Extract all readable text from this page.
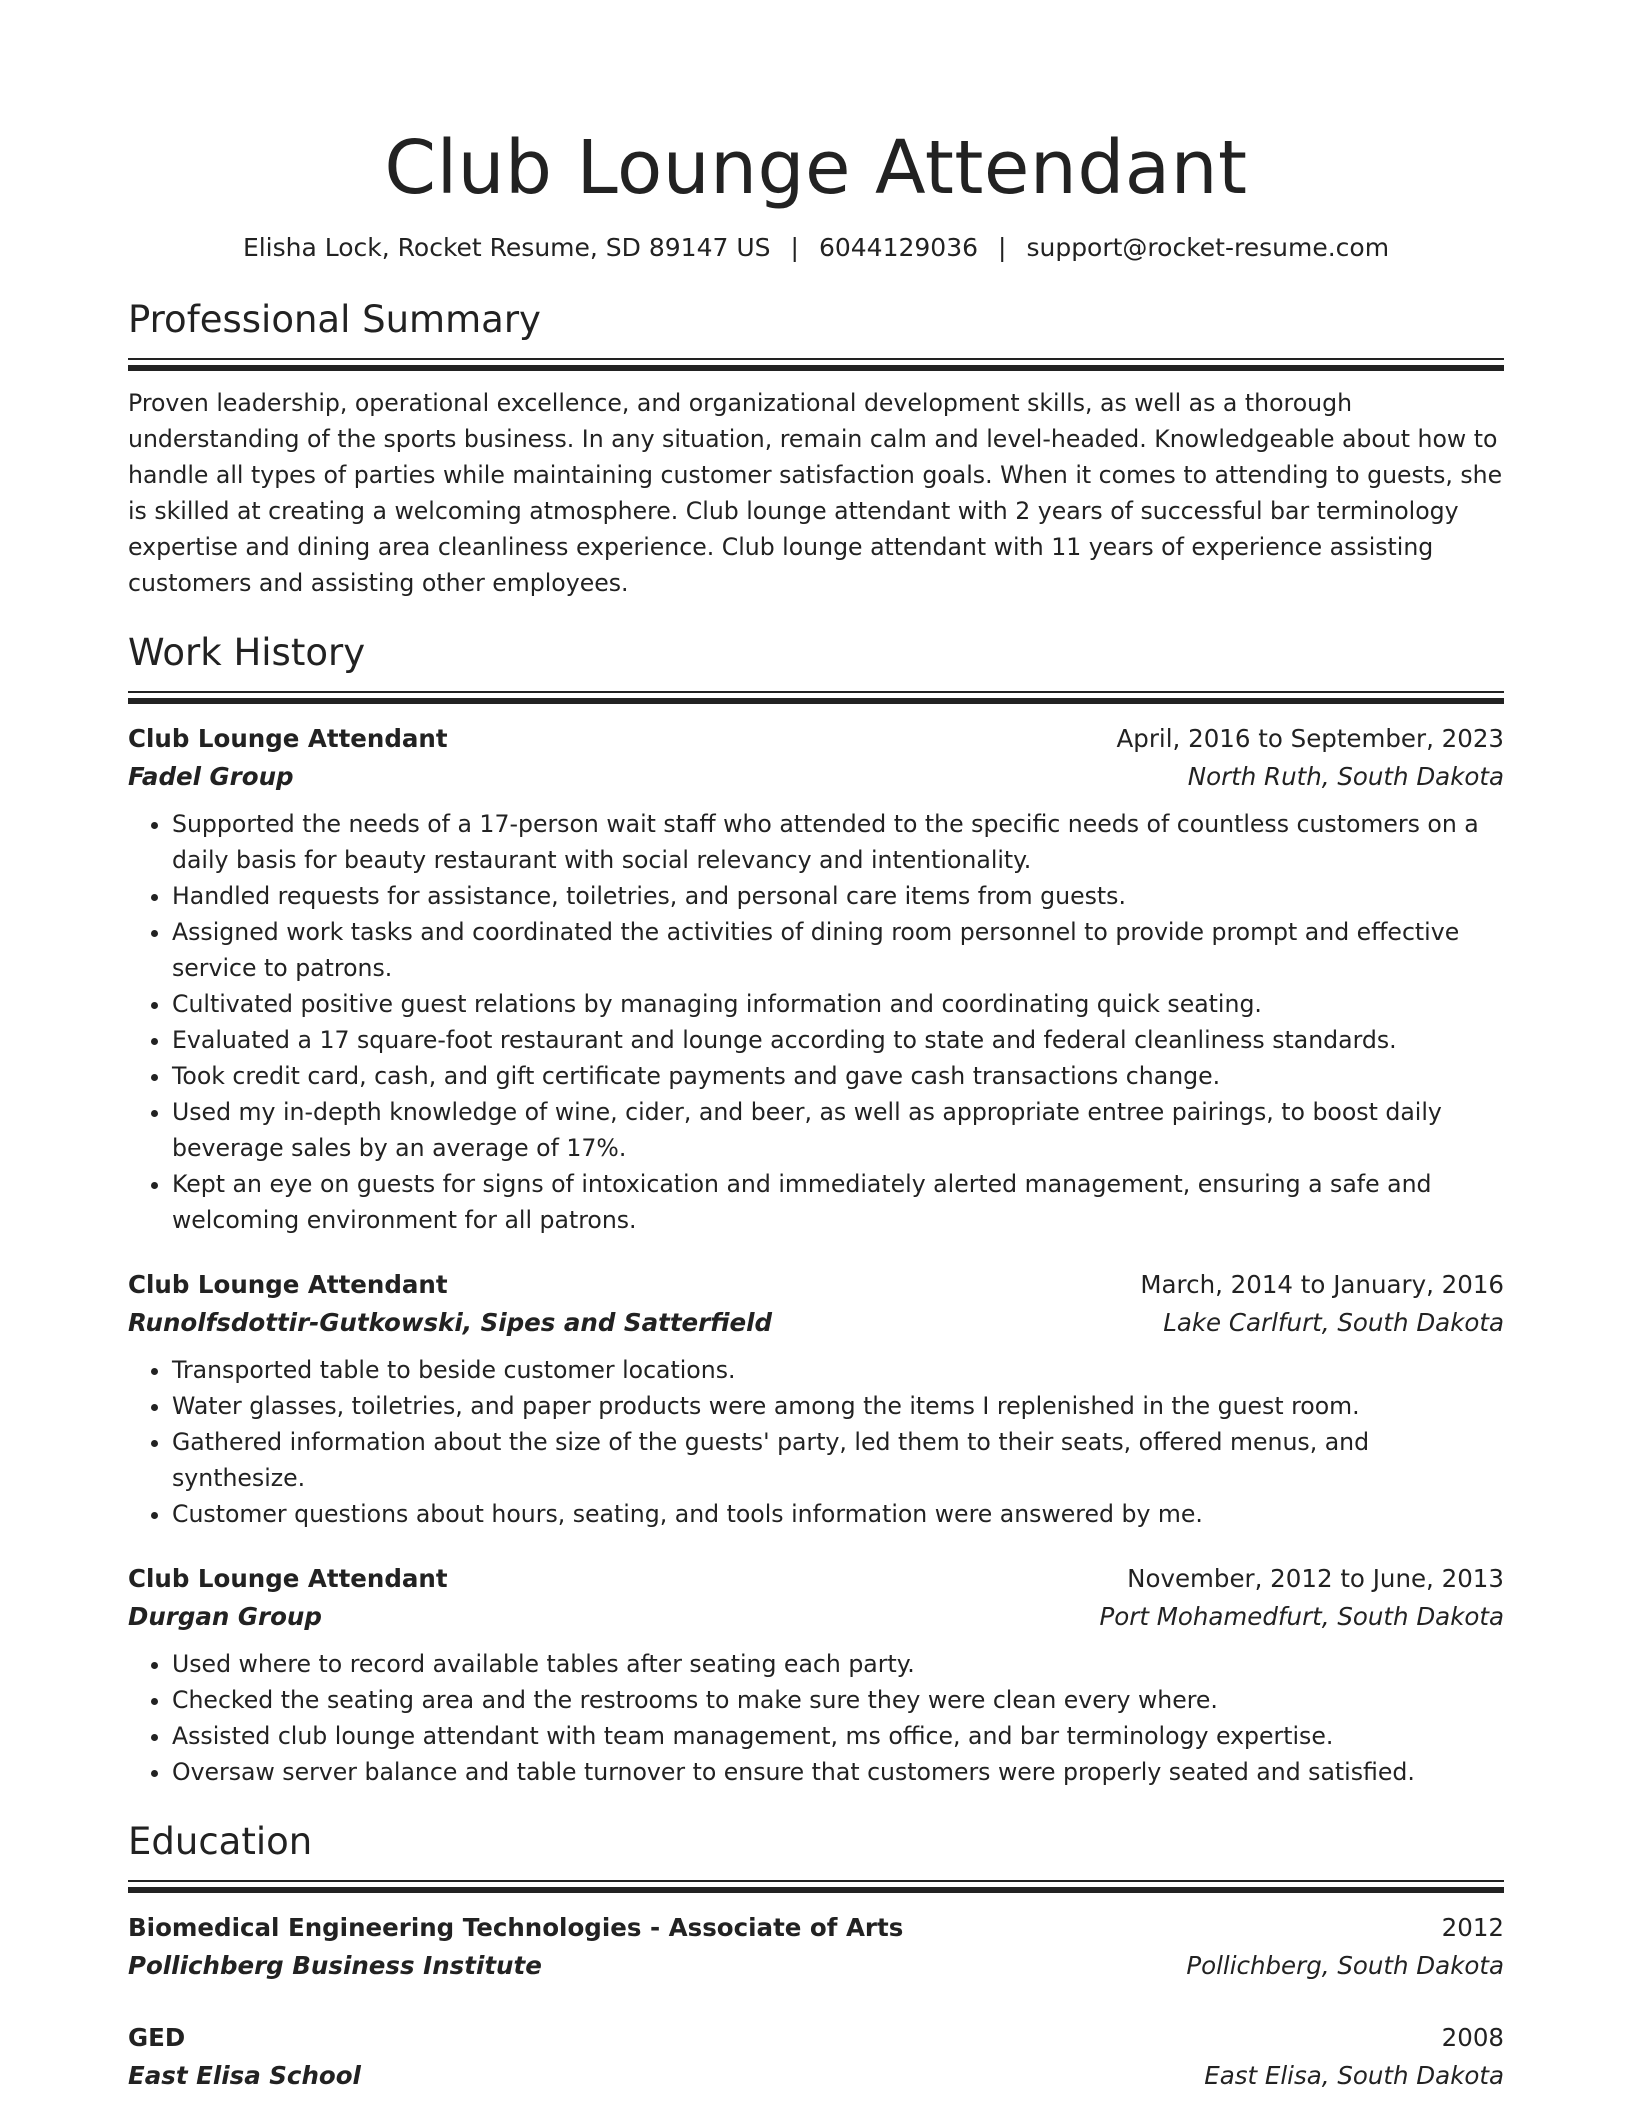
Club Lounge Attendant
Elisha Lock, Rocket Resume, SD 89147 US | 6044129036 | support@rocket-resume.com
Professional Summary

Proven leadership, operational excellence, and organizational development skills, as well as a thorough understanding of the sports business. In any situation, remain calm and level-headed. Knowledgeable about how to handle all types of parties while maintaining customer satisfaction goals. When it comes to attending to guests, she is skilled at creating a welcoming atmosphere. Club lounge attendant with 2 years of successful bar terminology expertise and dining area cleanliness experience. Club lounge attendant with 11 years of experience assisting customers and assisting other employees.

Work History
Club Lounge Attendant	April, 2016 to September, 2023
Fadel Group	North Ruth, South Dakota
• Supported the needs of a 17-person wait staff who attended to the specific needs of countless customers on a daily basis for beauty restaurant with social relevancy and intentionality.
• Handled requests for assistance, toiletries, and personal care items from guests.
• Assigned work tasks and coordinated the activities of dining room personnel to provide prompt and effective service to patrons.
• Cultivated positive guest relations by managing information and coordinating quick seating.
• Evaluated a 17 square-foot restaurant and lounge according to state and federal cleanliness standards.
• Took credit card, cash, and gift certificate payments and gave cash transactions change.
• Used my in-depth knowledge of wine, cider, and beer, as well as appropriate entree pairings, to boost daily beverage sales by an average of 17%.
• Kept an eye on guests for signs of intoxication and immediately alerted management, ensuring a safe and welcoming environment for all patrons.
Club Lounge Attendant	March, 2014 to January, 2016
Runolfsdottir-Gutkowski, Sipes and Satterfield	Lake Carlfurt, South Dakota
• Transported table to beside customer locations.
• Water glasses, toiletries, and paper products were among the items I replenished in the guest room.
• Gathered information about the size of the guests' party, led them to their seats, offered menus, and synthesize.
• Customer questions about hours, seating, and tools information were answered by me.
Club Lounge Attendant	November, 2012 to June, 2013
Durgan Group	Port Mohamedfurt, South Dakota
• Used where to record available tables after seating each party.
• Checked the seating area and the restrooms to make sure they were clean every where.
• Assisted club lounge attendant with team management, ms office, and bar terminology expertise.
• Oversaw server balance and table turnover to ensure that customers were properly seated and satisfied.
Education
Biomedical Engineering Technologies - Associate of Arts	2012
Pollichberg Business Institute	Pollichberg, South Dakota
GED	2008
East Elisa School	East Elisa, South Dakota
